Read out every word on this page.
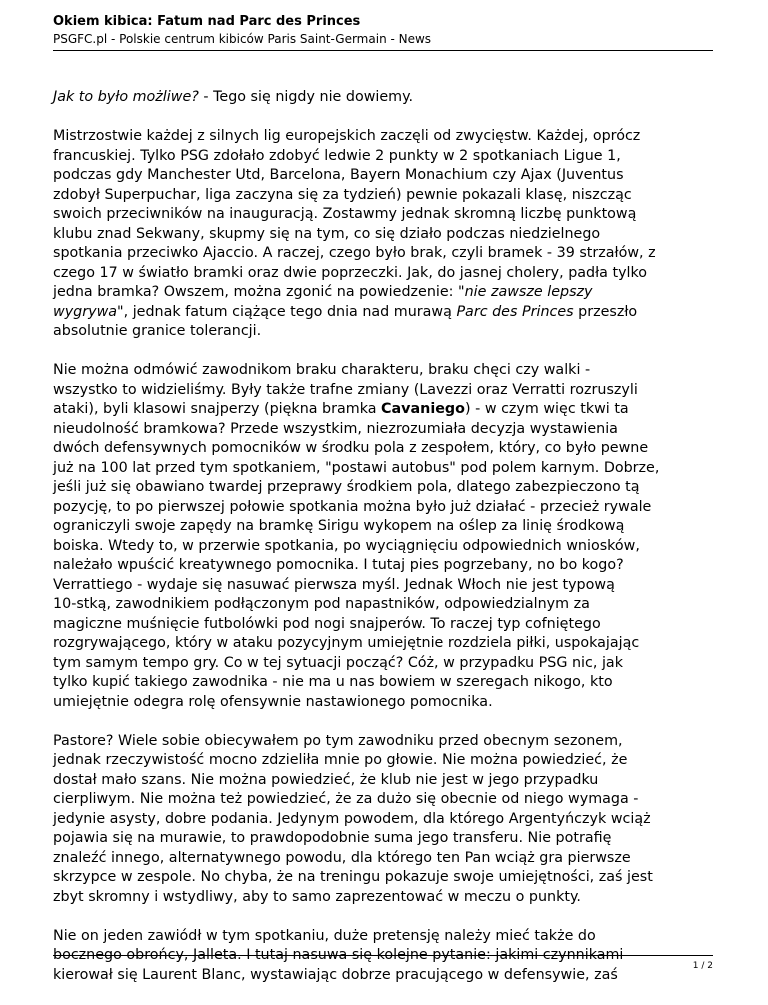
Okiem kibica: Fatum nad Parc des Princes
PSGFC.pl - Polskie centrum kibiców Paris Saint-Germain - News

Jak to było możliwe? - Tego się nigdy nie dowiemy.

Mistrzostwie każdej z silnych lig europejskich zaczęli od zwycięstw. Każdej, oprócz
francuskiej. Tylko PSG zdołało zdobyć ledwie 2 punkty w 2 spotkaniach Ligue 1,
podczas gdy Manchester Utd, Barcelona, Bayern Monachium czy Ajax (Juventus
zdobył Superpuchar, liga zaczyna się za tydzień) pewnie pokazali klasę, niszcząc
swoich przeciwników na inauguracją. Zostawmy jednak skromną liczbę punktową
klubu znad Sekwany, skupmy się na tym, co się działo podczas niedzielnego
spotkania przeciwko Ajaccio. A raczej, czego było brak, czyli bramek - 39 strzałów, z
czego 17 w światło bramki oraz dwie poprzeczki. Jak, do jasnej cholery, padła tylko
jedna bramka? Owszem, można zgonić na powiedzenie: "nie zawsze lepszy
wygrywa", jednak fatum ciążące tego dnia nad murawą Parc des Princes przeszło
absolutnie granice tolerancji.

Nie można odmówić zawodnikom braku charakteru, braku chęci czy walki -
wszystko to widzieliśmy. Były także trafne zmiany (Lavezzi oraz Verratti rozruszyli
ataki), byli klasowi snajperzy (piękna bramka Cavaniego) - w czym więc tkwi ta
nieudolność bramkowa? Przede wszystkim, niezrozumiała decyzja wystawienia
dwóch defensywnych pomocników w środku pola z zespołem, który, co było pewne
już na 100 lat przed tym spotkaniem, "postawi autobus" pod polem karnym. Dobrze,
jeśli już się obawiano twardej przeprawy środkiem pola, dlatego zabezpieczono tą
pozycję, to po pierwszej połowie spotkania można było już działać - przecież rywale
ograniczyli swoje zapędy na bramkę Sirigu wykopem na oślep za linię środkową
boiska. Wtedy to, w przerwie spotkania, po wyciągnięciu odpowiednich wniosków,
należało wpuścić kreatywnego pomocnika. I tutaj pies pogrzebany, no bo kogo?
Verrattiego - wydaje się nasuwać pierwsza myśl. Jednak Włoch nie jest typową
10-stką, zawodnikiem podłączonym pod napastników, odpowiedzialnym za
magiczne muśnięcie futbolówki pod nogi snajperów. To raczej typ cofniętego
rozgrywającego, który w ataku pozycyjnym umiejętnie rozdziela piłki, uspokajając
tym samym tempo gry. Co w tej sytuacji począć? Cóż, w przypadku PSG nic, jak
tylko kupić takiego zawodnika - nie ma u nas bowiem w szeregach nikogo, kto
umiejętnie odegra rolę ofensywnie nastawionego pomocnika.

Pastore? Wiele sobie obiecywałem po tym zawodniku przed obecnym sezonem,
jednak rzeczywistość mocno zdzieliła mnie po głowie. Nie można powiedzieć, że
dostał mało szans. Nie można powiedzieć, że klub nie jest w jego przypadku
cierpliwym. Nie można też powiedzieć, że za dużo się obecnie od niego wymaga -
jedynie asysty, dobre podania. Jedynym powodem, dla którego Argentyńczyk wciąż
pojawia się na murawie, to prawdopodobnie suma jego transferu. Nie potrafię
znaleźć innego, alternatywnego powodu, dla którego ten Pan wciąż gra pierwsze
skrzypce w zespole. No chyba, że na treningu pokazuje swoje umiejętności, zaś jest
zbyt skromny i wstydliwy, aby to samo zaprezentować w meczu o punkty.

Nie on jeden zawiódł w tym spotkaniu, duże pretensję należy mieć także do
bocznego obrońcy, Jalleta. I tutaj nasuwa się kolejne pytanie: jakimi czynnikami
kierował się Laurent Blanc, wystawiając dobrze pracującego w defensywie, zaś

1 / 2
